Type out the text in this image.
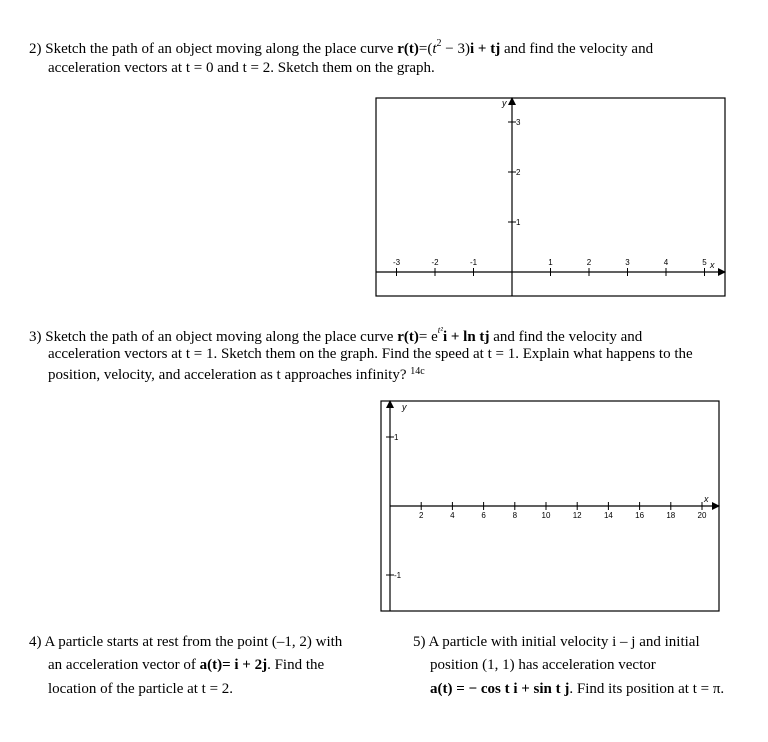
2) Sketch the path of an object moving along the place curve $r(t)=(t^2 - 3)i$ + tj and find the velocity and
acceleration vectors at t = 0 and t = 2. Sketch them on the graph.
-3	-2	-1	1	2	3	4	5
3
2
1
y
x
3) Sketch the path of an object moving along the place curve $r(t)= e^{t^2}i + \ln$ tj and find the velocity and
acceleration vectors at t = 1. Sketch them on the graph. Find the speed at t = 1. Explain what happens to the
position, velocity, and acceleration as t approaches infinity? $^{14c}$
2	4	6	8	10	12	14	16	18	20
1
-1
y
x
4) A particle starts at rest from the point (–1, 2) with
an acceleration vector of a(t)= i + 2j. Find the
location of the particle at t = 2.
5) A particle with initial velocity i – j and initial
position (1, 1) has acceleration vector
a(t) = − cos t i + sin t j. Find its position at t = π.
